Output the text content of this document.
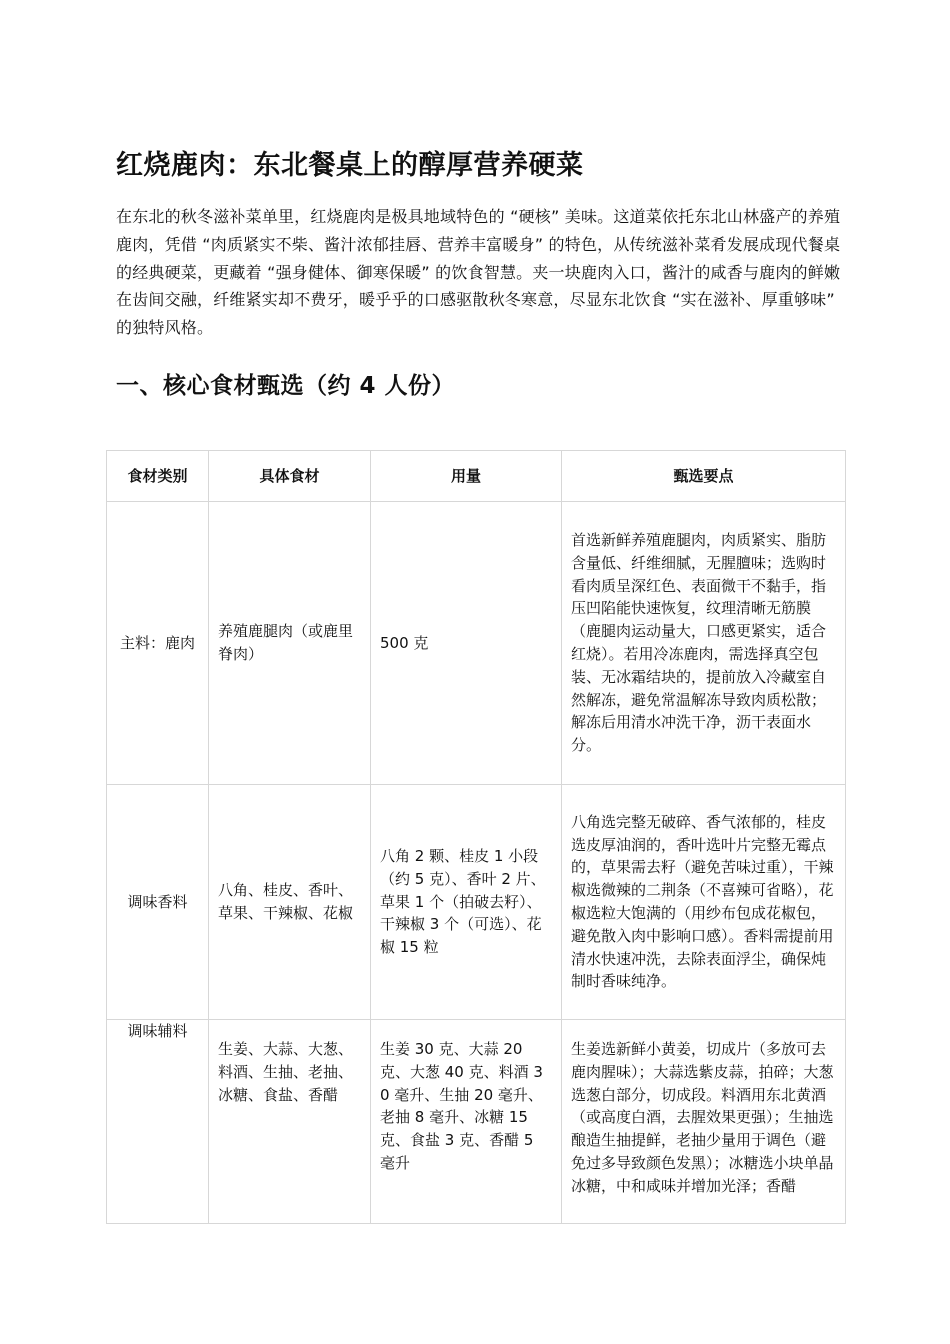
红烧鹿肉：东北餐桌上的醇厚营养硬菜

在东北的秋冬滋补菜单里，红烧鹿肉是极具地域特色的 “硬核” 美味。这道菜依托东北山林盛产的养殖鹿肉，凭借 “肉质紧实不柴、酱汁浓郁挂唇、营养丰富暖身” 的特色，从传统滋补菜肴发展成现代餐桌的经典硬菜，更藏着 “强身健体、御寒保暖” 的饮食智慧。夹一块鹿肉入口，酱汁的咸香与鹿肉的鲜嫩在齿间交融，纤维紧实却不费牙，暖乎乎的口感驱散秋冬寒意，尽显东北饮食 “实在滋补、厚重够味” 的独特风格。

一、核心食材甄选（约 4 人份）
食材类别	具体食材	用量	甄选要点
主料：鹿肉	养殖鹿腿肉（或鹿里脊肉）	500 克	首选新鲜养殖鹿腿肉，肉质紧实、脂肪含量低、纤维细腻，无腥膻味；选购时看肉质呈深红色、表面微干不黏手，指压凹陷能快速恢复，纹理清晰无筋膜（鹿腿肉运动量大，口感更紧实，适合红烧）。若用冷冻鹿肉，需选择真空包装、无冰霜结块的，提前放入冷藏室自然解冻，避免常温解冻导致肉质松散；解冻后用清水冲洗干净，沥干表面水分。
调味香料	八角、桂皮、香叶、草果、干辣椒、花椒	八角 2 颗、桂皮 1 小段（约 5 克）、香叶 2 片、草果 1 个（拍破去籽）、干辣椒 3 个（可选）、花椒 15 粒	八角选完整无破碎、香气浓郁的，桂皮选皮厚油润的，香叶选叶片完整无霉点的，草果需去籽（避免苦味过重），干辣椒选微辣的二荆条（不喜辣可省略），花椒选粒大饱满的（用纱布包成花椒包，避免散入肉中影响口感）。香料需提前用清水快速冲洗，去除表面浮尘，确保炖制时香味纯净。

调味辅料	生姜、大蒜、大葱、料酒、生抽、老抽、冰糖、食盐、香醋	生姜 30 克、大蒜 20 克、大葱 40 克、料酒 30 毫升、生抽 20 毫升、老抽 8 毫升、冰糖 15 克、食盐 3 克、香醋 5 毫升	生姜选新鲜小黄姜，切成片（多放可去鹿肉腥味）；大蒜选紫皮蒜，拍碎；大葱选葱白部分，切成段。料酒用东北黄酒（或高度白酒，去腥效果更强）；生抽选酿造生抽提鲜，老抽少量用于调色（避免过多导致颜色发黑）；冰糖选小块单晶冰糖，中和咸味并增加光泽；香醋
